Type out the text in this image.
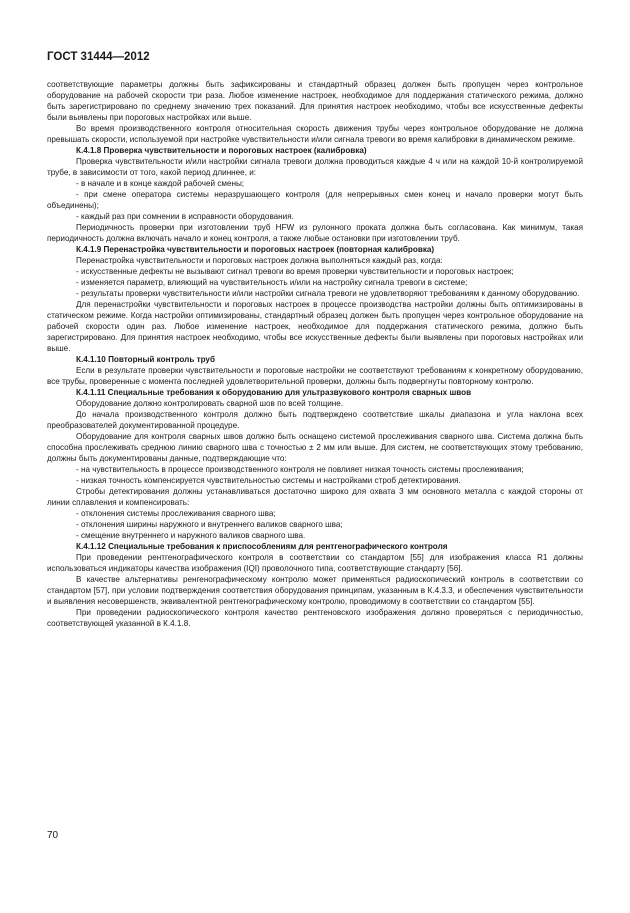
ГОСТ 31444—2012

соответствующие параметры должны быть зафиксированы и стандартный образец должен быть пропущен через контрольное оборудование на рабочей скорости три раза. Любое изменение настроек, необходимое для поддержания статического режима, должно быть зарегистрировано по среднему значению трех показаний. Для принятия настроек необходимо, чтобы все искусственные дефекты были выявлены при пороговых настройках или выше.

Во время производственного контроля относительная скорость движения трубы через контрольное оборудование не должна превышать скорости, используемой при настройке чувствительности и/или сигнала тревоги во время калибровки в динамическом режиме.

К.4.1.8 Проверка чувствительности и пороговых настроек (калибровка)

Проверка чувствительности и/или настройки сигнала тревоги должна проводиться каждые 4 ч или на каждой 10-й контролируемой трубе, в зависимости от того, какой период длиннее, и:

- в начале и в конце каждой рабочей смены;

- при смене оператора системы неразрушающего контроля (для непрерывных смен конец и начало проверки могут быть объединены);

- каждый раз при сомнении в исправности оборудования.

Периодичность проверки при изготовлении труб HFW из рулонного проката должна быть согласована. Как минимум, такая периодичность должна включать начало и конец контроля, а также любые остановки при изготовлении труб.

К.4.1.9 Перенастройка чувствительности и пороговых настроек (повторная калибровка)

Перенастройка чувствительности и пороговых настроек должна выполняться каждый раз, когда:

- искусственные дефекты не вызывают сигнал тревоги во время проверки чувствительности и пороговых настроек;

- изменяется параметр, влияющий на чувствительность и/или на настройку сигнала тревоги в системе;

- результаты проверки чувствительности и/или настройки сигнала тревоги не удовлетворяют требованиям к данному оборудованию.

Для перенастройки чувствительности и пороговых настроек в процессе производства настройки должны быть оптимизированы в статическом режиме. Когда настройки оптимизированы, стандартный образец должен быть пропущен через контрольное оборудование на рабочей скорости один раз. Любое изменение настроек, необходимое для поддержания статического режима, должно быть зарегистрировано. Для принятия настроек необходимо, чтобы все искусственные дефекты были выявлены при пороговых настройках или выше.

К.4.1.10 Повторный контроль труб

Если в результате проверки чувствительности и пороговые настройки не соответствуют требованиям к конкретному оборудованию, все трубы, проверенные с момента последней удовлетворительной проверки, должны быть подвергнуты повторному контролю.

К.4.1.11 Специальные требования к оборудованию для ультразвукового контроля сварных швов

Оборудование должно контролировать сварной шов по всей толщине.

До начала производственного контроля должно быть подтверждено соответствие шкалы диапазона и угла наклона всех преобразователей документированной процедуре.

Оборудование для контроля сварных швов должно быть оснащено системой прослеживания сварного шва. Система должна быть способна прослеживать среднюю линию сварного шва с точностью ± 2 мм или выше. Для систем, не соответствующих этому требованию, должны быть документированы данные, подтверждающие что:

- на чувствительность в процессе производственного контроля не повлияет низкая точность системы прослеживания;

- низкая точность компенсируется чувствительностью системы и настройками строб детектирования.

Стробы детектирования должны устанавливаться достаточно широко для охвата 3 мм основного металла с каждой стороны от линии сплавления и компенсировать:

- отклонения системы прослеживания сварного шва;

- отклонения ширины наружного и внутреннего валиков сварного шва;

- смещение внутреннего и наружного валиков сварного шва.

К.4.1.12 Специальные требования к приспособлениям для рентгенографического контроля

При проведении рентгенографического контроля в соответствии со стандартом [55] для изображения класса R1 должны использоваться индикаторы качества изображения (IQI) проволочного типа, соответствующие стандарту [56].

В качестве альтернативы ренгенографическому контролю может применяться радиоскопический контроль в соответствии со стандартом [57], при условии подтверждения соответствия оборудования принципам, указанным в К.4.3.3, и обеспечения чувствительности и выявления несовершенств, эквивалентной рентгенографическому контролю, проводимому в соответствии со стандартом [55].

При проведении радиоскопического контроля качество рентгеновского изображения должно проверяться с периодичностью, соответствующей указанной в К.4.1.8.

70
